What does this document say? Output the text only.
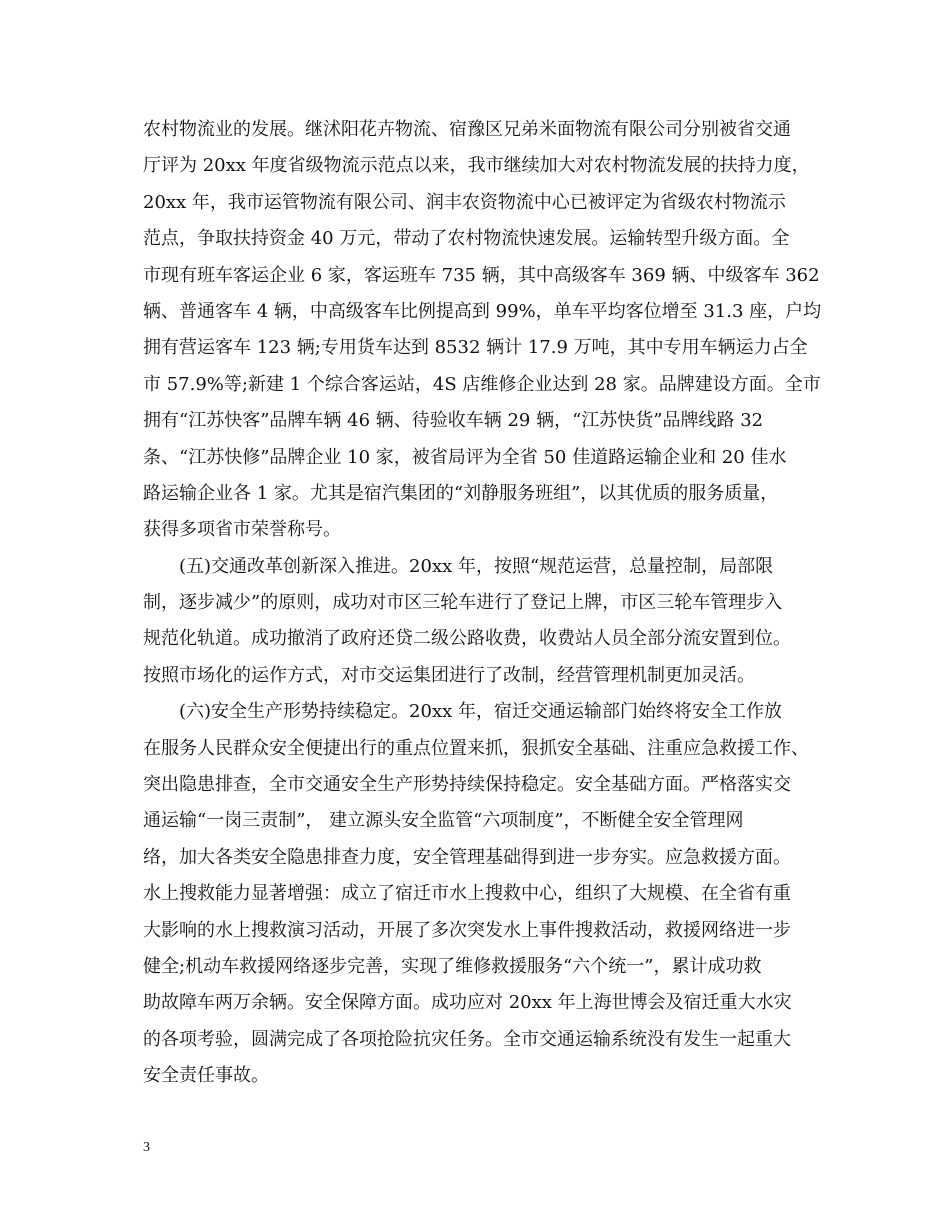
农村物流业的发展。继沭阳花卉物流、宿豫区兄弟米面物流有限公司分别被省交通
厅评为 20xx 年度省级物流示范点以来，我市继续加大对农村物流发展的扶持力度，
20xx 年，我市运管物流有限公司、润丰农资物流中心已被评定为省级农村物流示
范点，争取扶持资金 40 万元，带动了农村物流快速发展。运输转型升级方面。全
市现有班车客运企业 6 家，客运班车 735 辆，其中高级客车 369 辆、中级客车 362
辆、普通客车 4 辆，中高级客车比例提高到 99%，单车平均客位增至 31.3 座，户均
拥有营运客车 123 辆;专用货车达到 8532 辆计 17.9 万吨，其中专用车辆运力占全
市 57.9%等;新建 1 个综合客运站，4S 店维修企业达到 28 家。品牌建设方面。全市
拥有“江苏快客”品牌车辆 46 辆、待验收车辆 29 辆，“江苏快货”品牌线路 32
条、“江苏快修”品牌企业 10 家，被省局评为全省 50 佳道路运输企业和 20 佳水
路运输企业各 1 家。尤其是宿汽集团的“刘静服务班组”，以其优质的服务质量，
获得多项省市荣誉称号。
(五)交通改革创新深入推进。20xx 年，按照“规范运营，总量控制，局部限
制，逐步减少”的原则，成功对市区三轮车进行了登记上牌，市区三轮车管理步入
规范化轨道。成功撤消了政府还贷二级公路收费，收费站人员全部分流安置到位。
按照市场化的运作方式，对市交运集团进行了改制，经营管理机制更加灵活。
(六)安全生产形势持续稳定。20xx 年，宿迁交通运输部门始终将安全工作放
在服务人民群众安全便捷出行的重点位置来抓，狠抓安全基础、注重应急救援工作、
突出隐患排查，全市交通安全生产形势持续保持稳定。安全基础方面。严格落实交
通运输“一岗三责制”， 建立源头安全监管“六项制度”，不断健全安全管理网
络，加大各类安全隐患排查力度，安全管理基础得到进一步夯实。应急救援方面。
水上搜救能力显著增强：成立了宿迁市水上搜救中心，组织了大规模、在全省有重
大影响的水上搜救演习活动，开展了多次突发水上事件搜救活动，救援网络进一步
健全;机动车救援网络逐步完善，实现了维修救援服务“六个统一”，累计成功救
助故障车两万余辆。安全保障方面。成功应对 20xx 年上海世博会及宿迁重大水灾
的各项考验，圆满完成了各项抢险抗灾任务。全市交通运输系统没有发生一起重大
安全责任事故。
3
